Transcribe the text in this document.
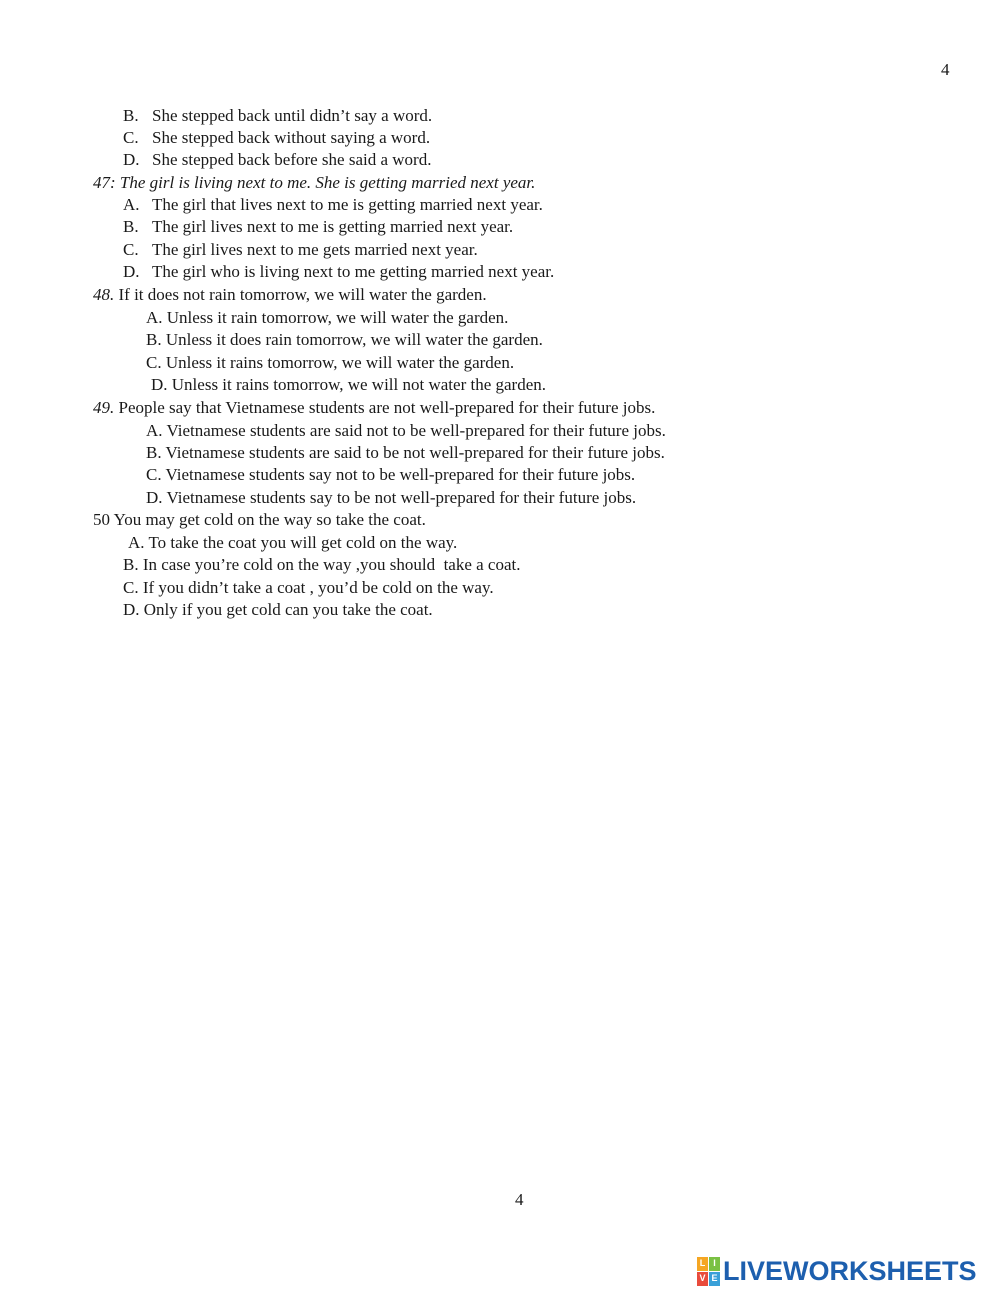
4
B. She stepped back until didn’t say a word.
C. She stepped back without saying a word.
D. She stepped back before she said a word.
47: The girl is living next to me. She is getting married next year.
A. The girl that lives next to me is getting married next year.
B. The girl lives next to me is getting married next year.
C. The girl lives next to me gets married next year.
D. The girl who is living next to me getting married next year.
48. If it does not rain tomorrow, we will water the garden.
A. Unless it rain tomorrow, we will water the garden.
B. Unless it does rain tomorrow, we will water the garden.
C. Unless it rains tomorrow, we will water the garden.
D. Unless it rains tomorrow, we will not water the garden.
49. People say that Vietnamese students are not well-prepared for their future jobs.
A. Vietnamese students are said not to be well-prepared for their future jobs.
B. Vietnamese students are said to be not well-prepared for their future jobs.
C. Vietnamese students say not to be well-prepared for their future jobs.
D. Vietnamese students say to be not well-prepared for their future jobs.
50 You may get cold on the way so take the coat.
A. To take the coat you will get cold on the way.
B. In case you’re cold on the way ,you should  take a coat.
C. If you didn’t take a coat , you’d be cold on the way.
D. Only if you get cold can you take the coat.
4
L I
V E LIVEWORKSHEETS
